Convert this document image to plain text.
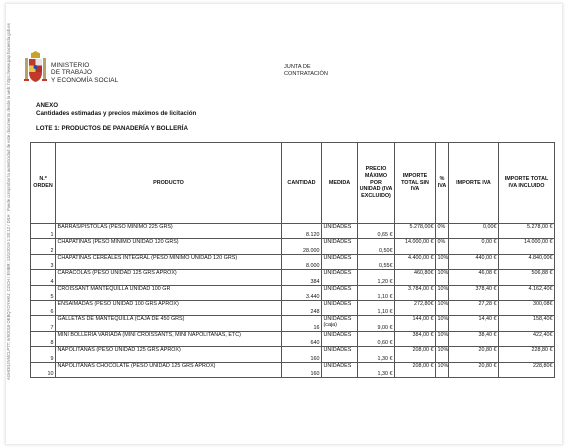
AGHDGJNMCLPTT; 6/9/2019 OEBQYOYHKU; COCH / EMBR; 13/1/2019 1:3S:12 / DSH : Puede comprobar la autenticidad de este documento desde la web: https://www.pap.hacienda.gob.es	MINISTERIO
DE TRABAJO
Y ECONOMÍA SOCIAL
JUNTA DE
CONTRATACIÓN
ANEXO
Cantidades estimadas y precios máximos de licitación
LOTE 1: PRODUCTOS DE PANADERÍA Y BOLLERÍA
N.º ORDEN	PRODUCTO	CANTIDAD	MEDIDA	PRECIO MÁXIMO POR UNIDAD (IVA EXCLUIDO)	IMPORTE TOTAL SIN IVA	% IVA	IMPORTE IVA	IMPORTE TOTAL IVA INCLUIDO
1	BARRAS/PISTOLAS (PESO MÍNIMO 225 GRS)	8.120	UNIDADES	0,65 €	5.278,00€	0%	0,00€	5.278,00 €
2	CHAPATINAS (PESO MÍNIMO UNIDAD 120 GRS)	28.000	UNIDADES	0,50€	14.000,00 €	0%	0,00 €	14.000,00 €
3	CHAPATINAS CEREALES INTEGRAL (PESO MÍNIMO UNIDAD 120 GRS)	8.000	UNIDADES	0,55€	4.400,00 €	10%	440,00 €	4.840,00€
4	CARACOLAS (PESO UNIDAD 125 GRS APROX)	384	UNIDADES	1,20 €	460,80€	10%	46,08 €	506,88 €
5	CROISSANT MANTEQUILLA UNIDAD 100 GR	3.440	UNIDADES	1,10 €	3.784,00 €	10%	378,40 €	4.162,40€
6	ENSAIMADAS (PESO UNIDAD 100 GRS APROX)	248	UNIDADES	1,10 €	272,80€	10%	27,28 €	300,08€
7	GALLETAS DE MANTEQUILLA (CAJA DE 450 GRS)	16	UNIDADES (caja)	9,00 €	144,00 €	10%	14,40 €	158,40€
8	MINI BOLLERÍA VARIADA (MINI CROISSANTS, MINI NAPOLITANAS, ETC)	640	UNIDADES	0,60 €	384,00 €	10%	38,40 €	422,40€
9	NAPOLITANAS (PESO UNIDAD 125 GRS APROX)	160	UNIDADES	1,30 €	208,00 €	10%	20,80 €	228,80 €
10	NAPOLITANAS CHOCOLATE (PESO UNIDAD 125 GRS APROX)	160	UNIDADES	1,30 €	208,00 €	10%	20,80 €	228,80€
